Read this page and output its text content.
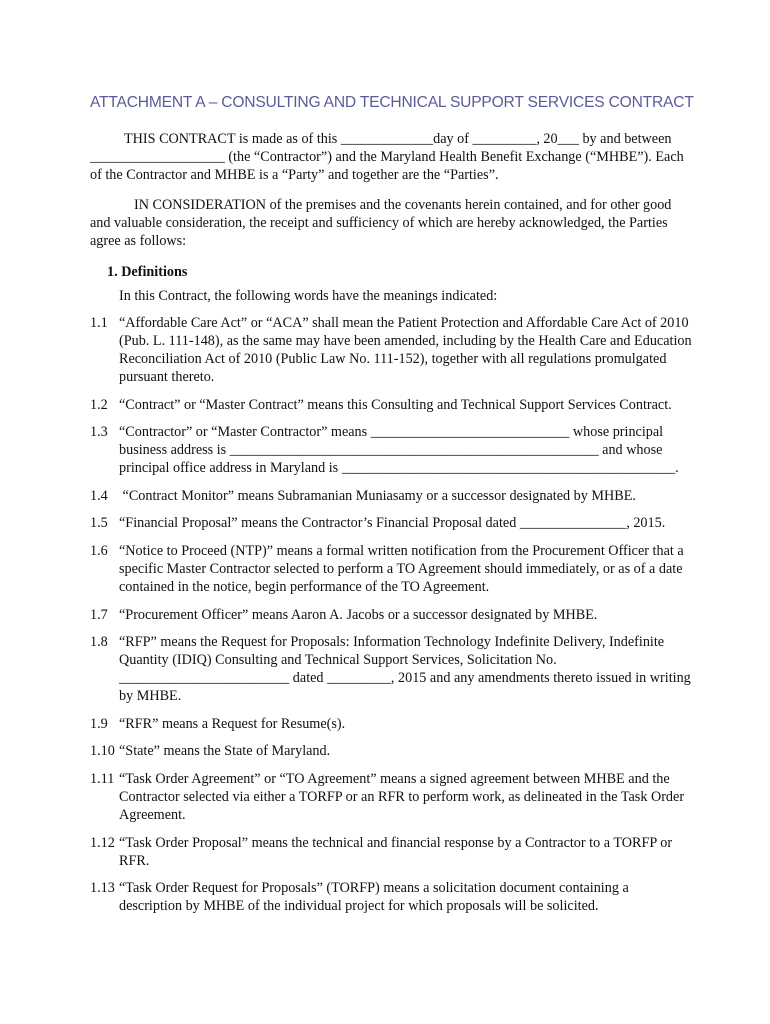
ATTACHMENT A – CONSULTING AND TECHNICAL SUPPORT SERVICES CONTRACT
THIS CONTRACT is made as of this _____________day of _________, 20___ by and between
___________________ (the “Contractor”) and the Maryland Health Benefit Exchange (“MHBE”). Each
of the Contractor and MHBE is a “Party” and together are the “Parties”.
IN CONSIDERATION of the premises and the covenants herein contained, and for other good
and valuable consideration, the receipt and sufficiency of which are hereby acknowledged, the Parties
agree as follows:
1. Definitions
In this Contract, the following words have the meanings indicated:
1.1 “Affordable Care Act” or “ACA” shall mean the Patient Protection and Affordable Care Act of 2010
(Pub. L. 111-148), as the same may have been amended, including by the Health Care and Education
Reconciliation Act of 2010 (Public Law No. 111-152), together with all regulations promulgated
pursuant thereto.
1.2 “Contract” or “Master Contract” means this Consulting and Technical Support Services Contract.
1.3 “Contractor” or “Master Contractor” means ____________________________ whose principal
business address is ____________________________________________________ and whose
principal office address in Maryland is _______________________________________________.
1.4 “Contract Monitor” means Subramanian Muniasamy or a successor designated by MHBE.
1.5 “Financial Proposal” means the Contractor’s Financial Proposal dated _______________, 2015.
1.6 “Notice to Proceed (NTP)” means a formal written notification from the Procurement Officer that a
specific Master Contractor selected to perform a TO Agreement should immediately, or as of a date
contained in the notice, begin performance of the TO Agreement.
1.7 “Procurement Officer” means Aaron A. Jacobs or a successor designated by MHBE.
1.8 “RFP” means the Request for Proposals: Information Technology Indefinite Delivery, Indefinite
Quantity (IDIQ) Consulting and Technical Support Services, Solicitation No.
________________________ dated _________, 2015 and any amendments thereto issued in writing
by MHBE.
1.9 “RFR” means a Request for Resume(s).
1.10 “State” means the State of Maryland.
1.11 “Task Order Agreement” or “TO Agreement” means a signed agreement between MHBE and the
Contractor selected via either a TORFP or an RFR to perform work, as delineated in the Task Order
Agreement.
1.12 “Task Order Proposal” means the technical and financial response by a Contractor to a TORFP or
RFR.
1.13 “Task Order Request for Proposals” (TORFP) means a solicitation document containing a
description by MHBE of the individual project for which proposals will be solicited.
